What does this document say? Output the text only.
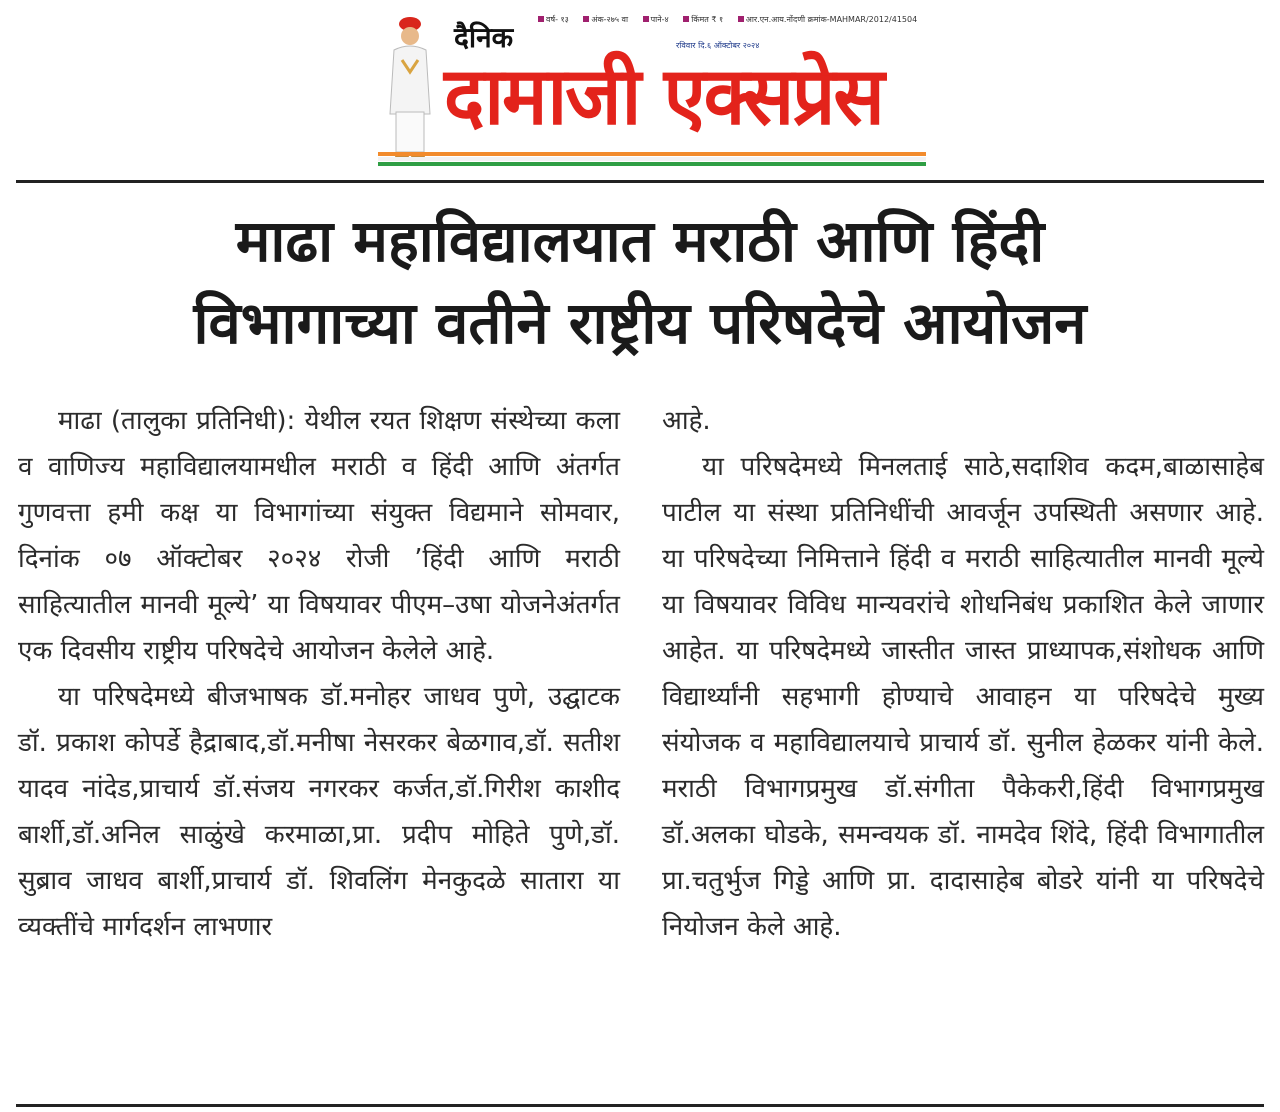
वर्ष- १३	अंक-२७५ वा	पाने-४	किंमत ₹ १	आर.एन.आय.नोंदणी क्रमांक-MAHMAR/2012/41504
दैनिक	रविवार दि.६ ऑक्टोबर २०२४
दामाजी एक्सप्रेस
माढा महाविद्यालयात मराठी आणि हिंदी
विभागाच्या वतीने राष्ट्रीय परिषदेचे आयोजन

माढा (तालुका प्रतिनिधी): येथील रयत शिक्षण संस्थेच्या कला व वाणिज्य महाविद्यालयामधील मराठी व हिंदी आणि अंतर्गत गुणवत्ता हमी कक्ष या विभागांच्या संयुक्त विद्यमाने सोमवार, दिनांक ०७ ऑक्टोबर २०२४ रोजी ’हिंदी आणि मराठी साहित्यातील मानवी मूल्ये’ या विषयावर पीएम–उषा योजनेअंतर्गत एक दिवसीय राष्ट्रीय परिषदेचे आयोजन केलेले आहे.

या परिषदेमध्ये बीजभाषक डॉ.मनोहर जाधव पुणे, उद्घाटक डॉ. प्रकाश कोपर्डे हैद्राबाद,डॉ.मनीषा नेसरकर बेळगाव,डॉ. सतीश यादव नांदेड,प्राचार्य डॉ.संजय नगरकर कर्जत,डॉ.गिरीश काशीद बार्शी,डॉ.अनिल साळुंखे करमाळा,प्रा. प्रदीप मोहिते पुणे,डॉ. सुब्राव जाधव बार्शी,प्राचार्य डॉ. शिवलिंग मेनकुदळे सातारा या व्यक्तींचे मार्गदर्शन लाभणार

आहे.

या परिषदेमध्ये मिनलताई साठे,सदाशिव कदम,बाळासाहेब पाटील या संस्था प्रतिनिधींची आवर्जून उपस्थिती असणार आहे. या परिषदेच्या निमित्ताने हिंदी व मराठी साहित्यातील मानवी मूल्ये या विषयावर विविध मान्यवरांचे शोधनिबंध प्रकाशित केले जाणार आहेत. या परिषदेमध्ये जास्तीत जास्त प्राध्यापक,संशोधक आणि विद्यार्थ्यांनी सहभागी होण्याचे आवाहन या परिषदेचे मुख्य संयोजक व महाविद्यालयाचे प्राचार्य डॉ. सुनील हेळकर यांनी केले. मराठी विभागप्रमुख डॉ.संगीता पैकेकरी,हिंदी विभागप्रमुख डॉ.अलका घोडके, समन्वयक डॉ. नामदेव शिंदे, हिंदी विभागातील प्रा.चतुर्भुज गिड्डे आणि प्रा. दादासाहेब बोडरे यांनी या परिषदेचे नियोजन केले आहे.
